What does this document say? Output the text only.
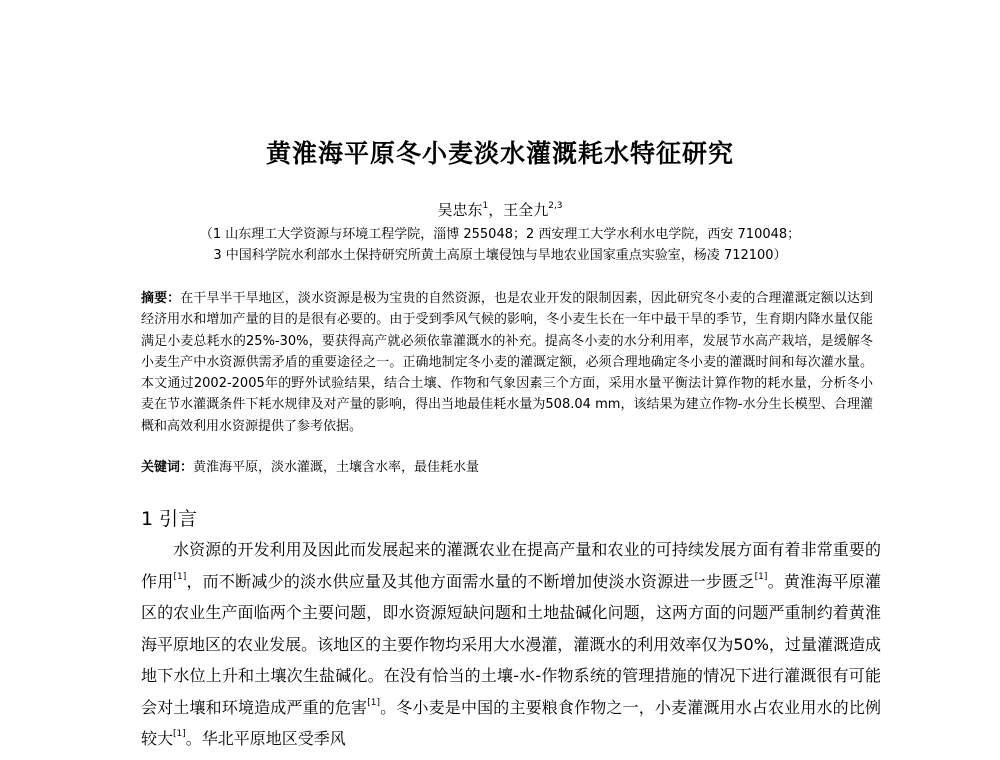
黄淮海平原冬小麦淡水灌溉耗水特征研究
吴忠东$^1$，王全九$^{2,3}$
（1 山东理工大学资源与环境工程学院，淄博 255048；2 西安理工大学水利水电学院，西安 710048；
3 中国科学院水利部水土保持研究所黄土高原土壤侵蚀与旱地农业国家重点实验室，杨凌 712100）
摘要：在干旱半干旱地区，淡水资源是极为宝贵的自然资源，也是农业开发的限制因素，因此研究冬小麦的合理灌溉定额以达到经济用水和增加产量的目的是很有必要的。由于受到季风气候的影响，冬小麦生长在一年中最干旱的季节，生育期内降水量仅能满足小麦总耗水的25%-30%，要获得高产就必须依靠灌溉水的补充。提高冬小麦的水分利用率，发展节水高产栽培，是缓解冬小麦生产中水资源供需矛盾的重要途径之一。正确地制定冬小麦的灌溉定额，必须合理地确定冬小麦的灌溉时间和每次灌水量。本文通过2002-2005年的野外试验结果，结合土壤、作物和气象因素三个方面，采用水量平衡法计算作物的耗水量，分析冬小麦在节水灌溉条件下耗水规律及对产量的影响，得出当地最佳耗水量为508.04 mm，该结果为建立作物-水分生长模型、合理灌概和高效利用水资源提供了参考依据。
关键词：黄淮海平原，淡水灌溉，土壤含水率，最佳耗水量
1 引言
水资源的开发利用及因此而发展起来的灌溉农业在提高产量和农业的可持续发展方面有着非常重要的作用[1]，而不断减少的淡水供应量及其他方面需水量的不断增加使淡水资源进一步匮乏[1]。黄淮海平原灌区的农业生产面临两个主要问题，即水资源短缺问题和土地盐碱化问题，这两方面的问题严重制约着黄淮海平原地区的农业发展。该地区的主要作物均采用大水漫灌，灌溉水的利用效率仅为50%，过量灌溉造成地下水位上升和土壤次生盐碱化。在没有恰当的土壤-水-作物系统的管理措施的情况下进行灌溉很有可能会对土壤和环境造成严重的危害[1]。冬小麦是中国的主要粮食作物之一，小麦灌溉用水占农业用水的比例较大[1]。华北平原地区受季风
